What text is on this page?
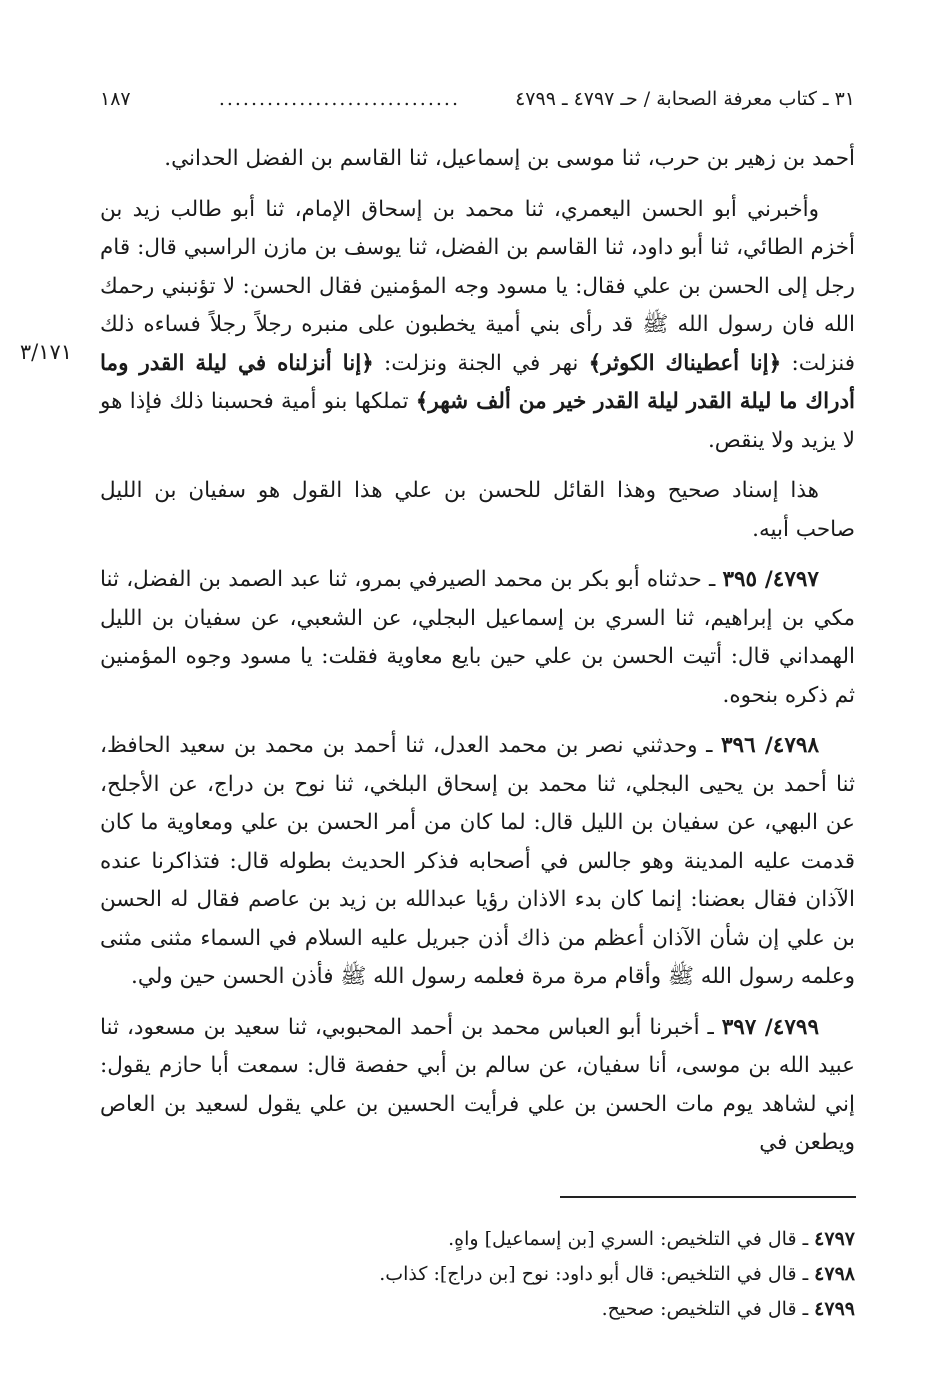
٣١ ـ كتاب معرفة الصحابة / حـ ٤٧٩٧ ـ ٤٧٩٩
..............................
١٨٧
٣/١٧١

أحمد بن زهير بن حرب، ثنا موسى بن إسماعيل، ثنا القاسم بن الفضل الحداني.

وأخبرني أبو الحسن اليعمري، ثنا محمد بن إسحاق الإمام، ثنا أبو طالب زيد بن أخزم الطائي، ثنا أبو داود، ثنا القاسم بن الفضل، ثنا يوسف بن مازن الراسبي قال: قام رجل إلى الحسن بن علي فقال: يا مسود وجه المؤمنين فقال الحسن: لا تؤنبني رحمك الله فان رسول الله ﷺ قد رأى بني أمية يخطبون على منبره رجلاً رجلاً فساءه ذلك فنزلت: ﴿إنا أعطيناك الكوثر﴾ نهر في الجنة ونزلت: ﴿إنا أنزلناه في ليلة القدر وما أدراك ما ليلة القدر ليلة القدر خير من ألف شهر﴾ تملكها بنو أمية فحسبنا ذلك فإذا هو لا يزيد ولا ينقص.

هذا إسناد صحيح وهذا القائل للحسن بن علي هذا القول هو سفيان بن الليل صاحب أبيه.

٤٧٩٧/ ٣٩٥ ـ حدثناه أبو بكر بن محمد الصيرفي بمرو، ثنا عبد الصمد بن الفضل، ثنا مكي بن إبراهيم، ثنا السري بن إسماعيل البجلي، عن الشعبي، عن سفيان بن الليل الهمداني قال: أتيت الحسن بن علي حين بايع معاوية فقلت: يا مسود وجوه المؤمنين ثم ذكره بنحوه.

٤٧٩٨/ ٣٩٦ ـ وحدثني نصر بن محمد العدل، ثنا أحمد بن محمد بن سعيد الحافظ، ثنا أحمد بن يحيى البجلي، ثنا محمد بن إسحاق البلخي، ثنا نوح بن دراج، عن الأجلح، عن البهي، عن سفيان بن الليل قال: لما كان من أمر الحسن بن علي ومعاوية ما كان قدمت عليه المدينة وهو جالس في أصحابه فذكر الحديث بطوله قال: فتذاكرنا عنده الآذان فقال بعضنا: إنما كان بدء الاذان رؤيا عبدالله بن زيد بن عاصم فقال له الحسن بن علي إن شأن الآذان أعظم من ذاك أذن جبريل عليه السلام في السماء مثنى مثنى وعلمه رسول الله ﷺ وأقام مرة مرة فعلمه رسول الله ﷺ فأذن الحسن حين ولي.

٤٧٩٩/ ٣٩٧ ـ أخبرنا أبو العباس محمد بن أحمد المحبوبي، ثنا سعيد بن مسعود، ثنا عبيد الله بن موسى، أنا سفيان، عن سالم بن أبي حفصة قال: سمعت أبا حازم يقول: إني لشاهد يوم مات الحسن بن علي فرأيت الحسين بن علي يقول لسعيد بن العاص ويطعن في

٤٧٩٧ ـ قال في التلخيص: السري [بن إسماعيل] واهٍ.

٤٧٩٨ ـ قال في التلخيص: قال أبو داود: نوح [بن دراج]: كذاب.

٤٧٩٩ ـ قال في التلخيص: صحيح.
